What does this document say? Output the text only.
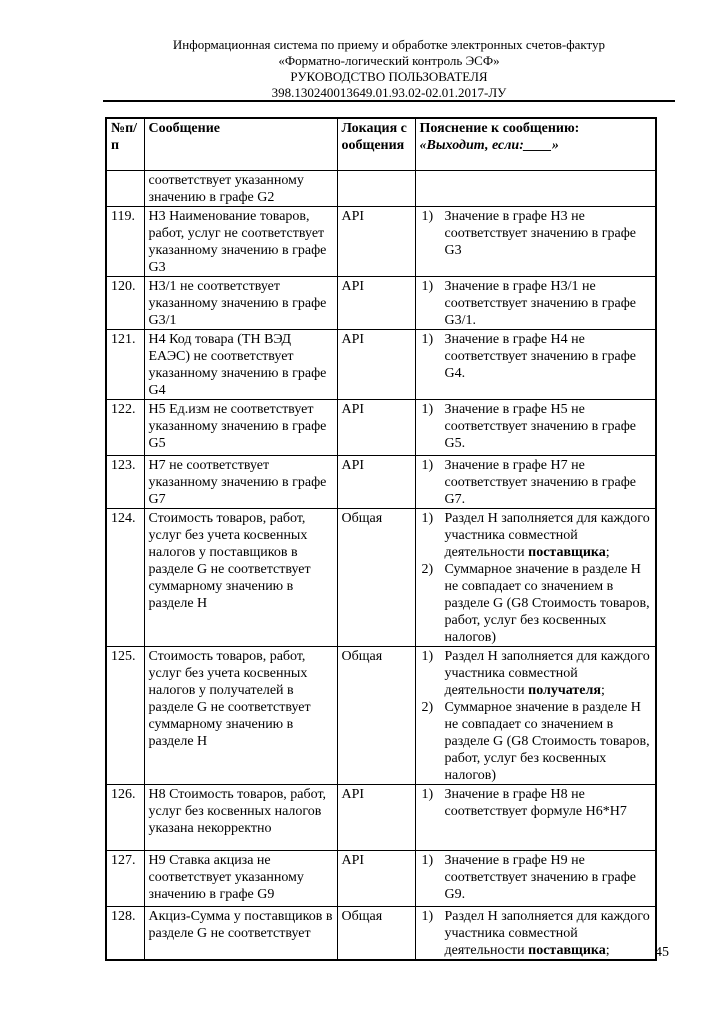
Информационная система по приему и обработке электронных счетов-фактур
«Форматно-логический контроль ЭСФ»
РУКОВОДСТВО ПОЛЬЗОВАТЕЛЯ
398.130240013649.01.93.02-02.01.2017-ЛУ
№п/п	Сообщение	Локация сообщения	Пояснение к сообщению:
«Выходит, если:____»

	соответствует указанному значению в графе G2		
119.	Н3 Наименование товаров, работ, услуг не соответствует указанному значению в графе G3	API	Значение в графе Н3 не соответствует значению в графе G3

120.	Н3/1 не соответствует указанному значению в графе G3/1	API	Значение в графе Н3/1 не соответствует значению в графе G3/1.

121.	Н4 Код товара (ТН ВЭД ЕАЭС) не соответствует указанному значению в графе G4	API	Значение в графе Н4 не соответствует значению в графе G4.

122.	Н5 Ед.изм не соответствует указанному значению в графе G5	API	Значение в графе Н5 не соответствует значению в графе G5.

123.	Н7 не соответствует указанному значению в графе G7	API	Значение в графе Н7 не соответствует значению в графе G7.

124.	Стоимость товаров, работ, услуг без учета косвенных налогов у поставщиков в разделе G не соответствует суммарному значению в разделе Н	Общая	Раздел Н заполняется для каждого участника совместной деятельности поставщика;
Суммарное значение в разделе Н не совпадает со значением в разделе G (G8 Стоимость товаров, работ, услуг без косвенных налогов)

125.	Стоимость товаров, работ, услуг без учета косвенных налогов у получателей в разделе G не соответствует суммарному значению в разделе Н	Общая	Раздел Н заполняется для каждого участника совместной деятельности получателя;
Суммарное значение в разделе Н не совпадает со значением в разделе G (G8 Стоимость товаров, работ, услуг без косвенных налогов)

126.	Н8 Стоимость товаров, работ, услуг без косвенных налогов указана некорректно	API	Значение в графе Н8 не соответствует формуле Н6*Н7

127.	Н9 Ставка акциза не соответствует указанному значению в графе G9	API	Значение в графе Н9 не соответствует значению в графе G9.

128.	Акциз-Сумма у поставщиков в разделе G не соответствует	Общая	Раздел Н заполняется для каждого участника совместной деятельности поставщика;	45
